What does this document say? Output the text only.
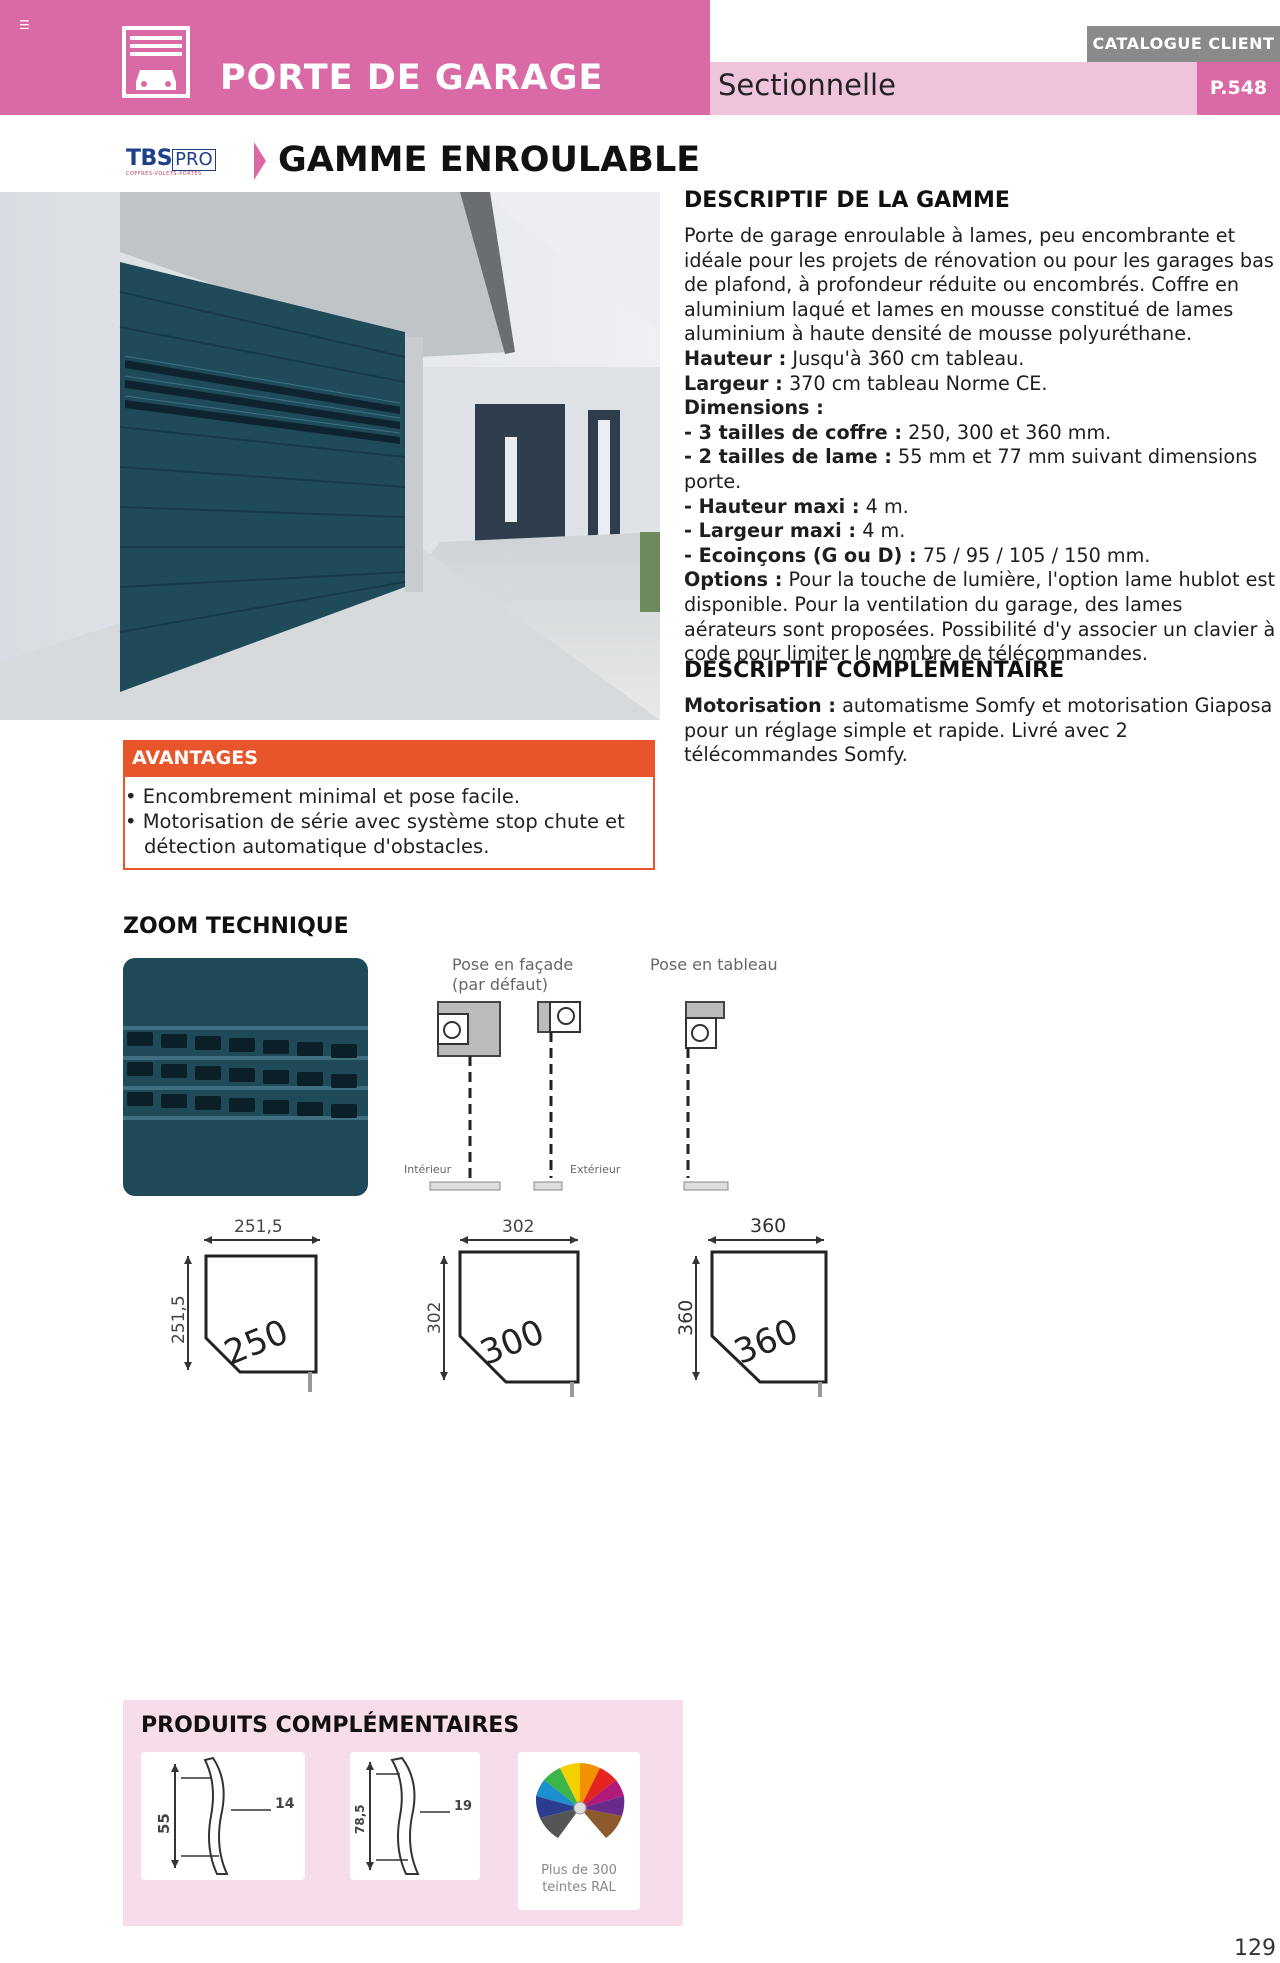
☰
PORTE DE GARAGE	Sectionnelle
CATALOGUE CLIENT
P.548
TBS PRO
COFFRES-VOLETS-PORTES	GAMME ENROULABLE
AVANTAGES
• Encombrement minimal et pose facile.
• Motorisation de série avec système stop chute et détection automatique d'obstacles.
DESCRIPTIF DE LA GAMME
Porte de garage enroulable à lames, peu encombrante et idéale pour les projets de rénovation ou pour les garages bas de plafond, à profondeur réduite ou encombrés. Coffre en aluminium laqué et lames en mousse constitué de lames aluminium à haute densité de mousse polyuréthane.
Hauteur : Jusqu'à 360 cm tableau.
Largeur : 370 cm tableau Norme CE.
Dimensions :
- 3 tailles de coffre : 250, 300 et 360 mm.
- 2 tailles de lame : 55 mm et 77 mm suivant dimensions porte.
- Hauteur maxi : 4 m.
- Largeur maxi : 4 m.
- Ecoinçons (G ou D) : 75 / 95 / 105 / 150 mm.
Options : Pour la touche de lumière, l'option lame hublot est disponible. Pour la ventilation du garage, des lames aérateurs sont proposées. Possibilité d'y associer un clavier à code pour limiter le nombre de télécommandes.
DESCRIPTIF COMPLÉMENTAIRE
Motorisation : automatisme Somfy et motorisation Giaposa pour un réglage simple et rapide. Livré avec 2 télécommandes Somfy.
ZOOM TECHNIQUE
Pose en façade
(par défaut)
Pose en tableau
Intérieur	Extérieur
251,5
251,5 250
302
302 300
360
360 360
PRODUITS COMPLÉMENTAIRES
55
14
78,5	19
Plus de 300
teintes RAL
129
